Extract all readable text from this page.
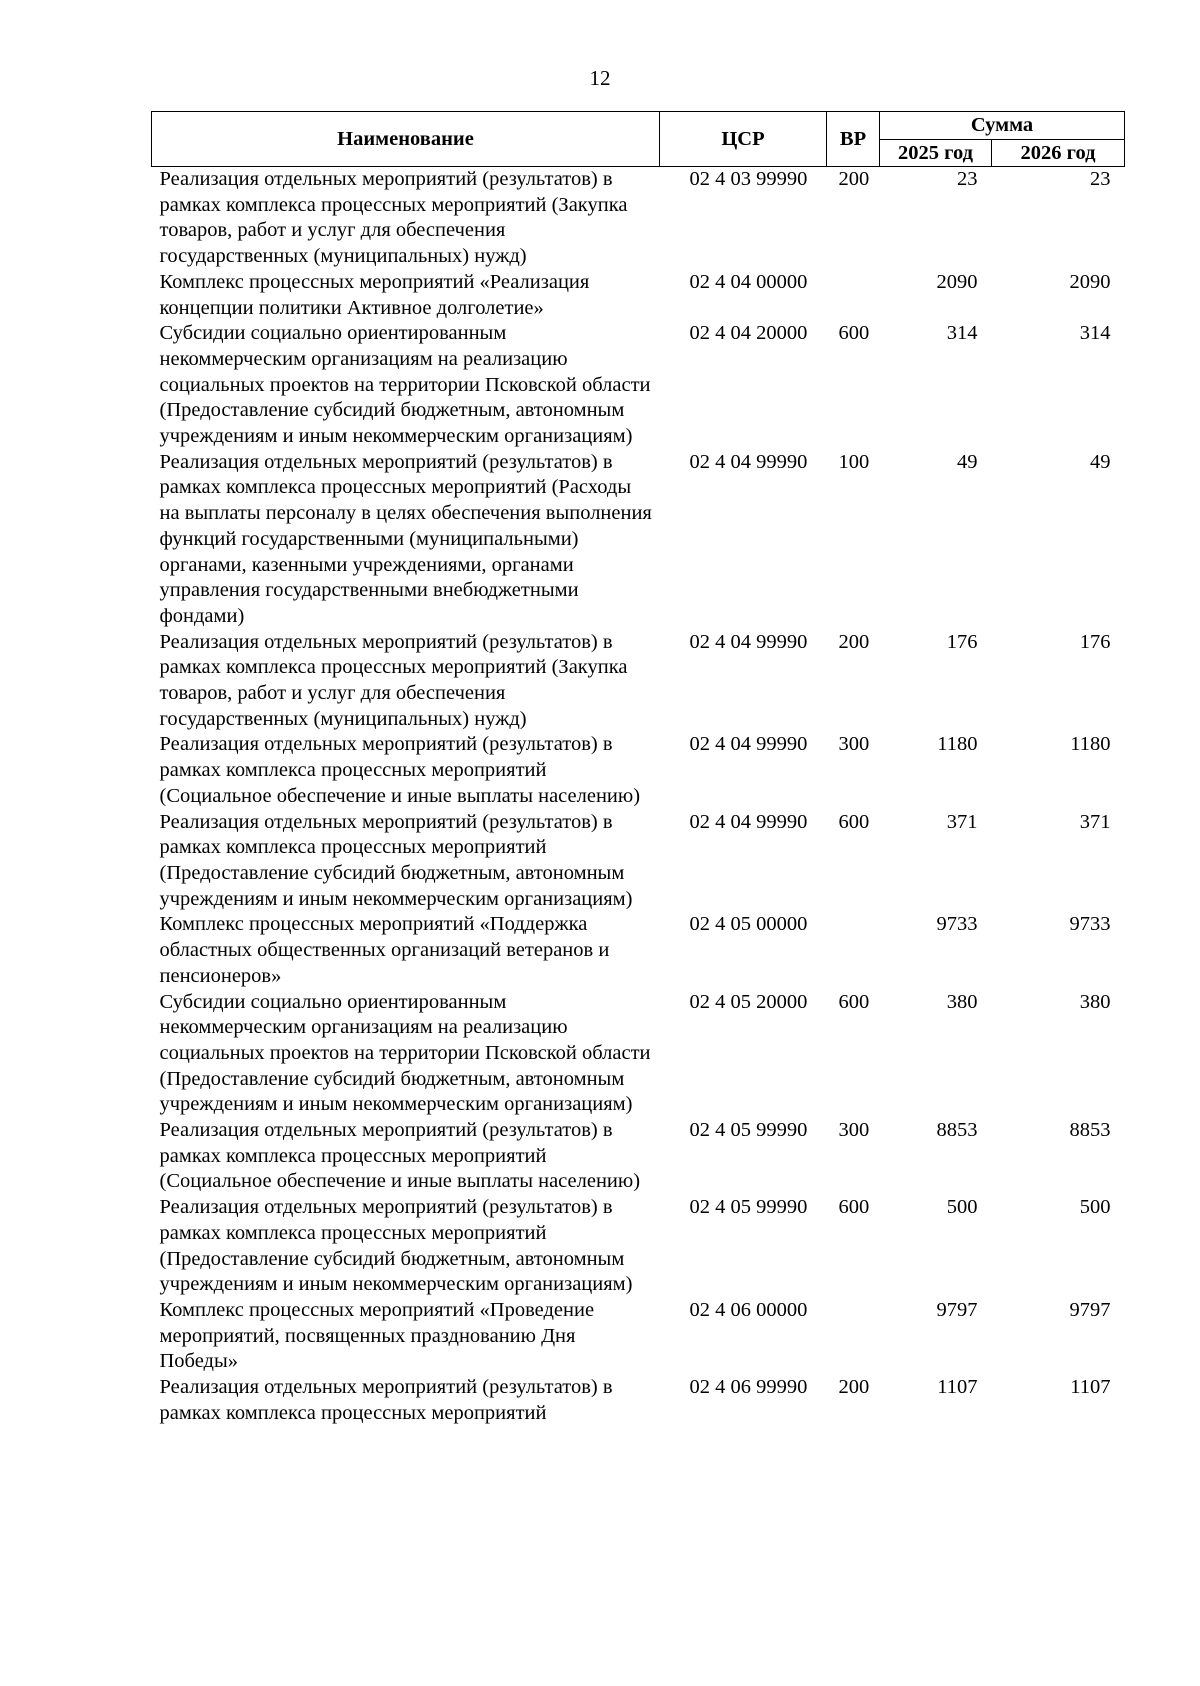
12
Наименование	ЦСР	ВР	Сумма	
			2025 год	2026 год
Реализация отдельных мероприятий (результатов) в рамках комплекса процессных мероприятий (Закупка товаров, работ и услуг для обеспечения государственных (муниципальных) нужд)	02 4 03 99990	200	23	23
Комплекс процессных мероприятий «Реализация концепции политики Активное долголетие»	02 4 04 00000		2090	2090
Субсидии социально ориентированным некоммерческим организациям на реализацию социальных проектов на территории Псковской области (Предоставление субсидий бюджетным, автономным учреждениям и иным некоммерческим организациям)	02 4 04 20000	600	314	314
Реализация отдельных мероприятий (результатов) в рамках комплекса процессных мероприятий (Расходы на выплаты персоналу в целях обеспечения выполнения функций государственными (муниципальными) органами, казенными учреждениями, органами управления государственными внебюджетными фондами)	02 4 04 99990	100	49	49
Реализация отдельных мероприятий (результатов) в рамках комплекса процессных мероприятий (Закупка товаров, работ и услуг для обеспечения государственных (муниципальных) нужд)	02 4 04 99990	200	176	176
Реализация отдельных мероприятий (результатов) в рамках комплекса процессных мероприятий (Социальное обеспечение и иные выплаты населению)	02 4 04 99990	300	1180	1180
Реализация отдельных мероприятий (результатов) в рамках комплекса процессных мероприятий (Предоставление субсидий бюджетным, автономным учреждениям и иным некоммерческим организациям)	02 4 04 99990	600	371	371
Комплекс процессных мероприятий «Поддержка областных общественных организаций ветеранов и пенсионеров»	02 4 05 00000		9733	9733
Субсидии социально ориентированным некоммерческим организациям на реализацию социальных проектов на территории Псковской области (Предоставление субсидий бюджетным, автономным учреждениям и иным некоммерческим организациям)	02 4 05 20000	600	380	380
Реализация отдельных мероприятий (результатов) в рамках комплекса процессных мероприятий (Социальное обеспечение и иные выплаты населению)	02 4 05 99990	300	8853	8853
Реализация отдельных мероприятий (результатов) в рамках комплекса процессных мероприятий (Предоставление субсидий бюджетным, автономным учреждениям и иным некоммерческим организациям)	02 4 05 99990	600	500	500
Комплекс процессных мероприятий «Проведение мероприятий, посвященных празднованию Дня Победы»	02 4 06 00000		9797	9797
Реализация отдельных мероприятий (результатов) в рамках комплекса процессных мероприятий	02 4 06 99990	200	1107	1107
